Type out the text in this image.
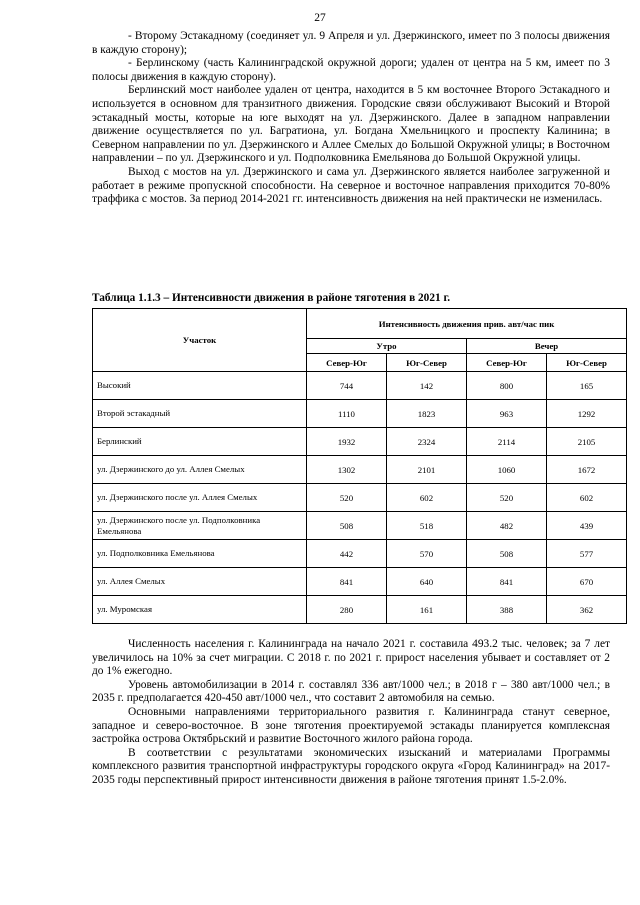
27

- Второму Эстакадному (соединяет ул. 9 Апреля и ул. Дзержинского, имеет по 3 полосы движения в каждую сторону);

- Берлинскому (часть Калининградской окружной дороги; удален от центра на 5 км, имеет по 3 полосы движения в каждую сторону).

Берлинский мост наиболее удален от центра, находится в 5 км восточнее Второго Эстакадного и используется в основном для транзитного движения. Городские связи обслуживают Высокий и Второй эстакадный мосты, которые на юге выходят на ул. Дзержинского. Далее в западном направлении движение осуществляется по ул. Багратиона, ул. Богдана Хмельницкого и проспекту Калинина; в Северном направлении по ул. Дзержинского и Аллее Смелых до Большой Окружной улицы; в Восточном направлении – по ул. Дзержинского и ул. Подполковника Емельянова до Большой Окружной улицы.

Выход с мостов на ул. Дзержинского и сама ул. Дзержинского является наиболее загруженной и работает в режиме пропускной способности. На северное и восточное направления приходится 70-80% траффика с мостов. За период 2014-2021 гг. интенсивность движения на ней практически не изменилась.

Таблица 1.1.3 – Интенсивности движения в районе тяготения в 2021 г.
Участок	Интенсивность движения прив. авт/час пик			
	Утро		Вечер	
	Север-Юг	Юг-Север	Север-Юг	Юг-Север
Высокий	744	142	800	165
Второй эстакадный	1110	1823	963	1292
Берлинский	1932	2324	2114	2105
ул. Дзержинского до ул. Аллея Смелых	1302	2101	1060	1672
ул. Дзержинского после ул. Аллея Смелых	520	602	520	602
ул. Дзержинского после ул. Подполковника Емельянова	508	518	482	439
ул. Подполковника Емельянова	442	570	508	577
ул. Аллея Смелых	841	640	841	670
ул. Муромская	280	161	388	362

Численность населения г. Калининграда на начало 2021 г. составила 493.2 тыс. человек; за 7 лет увеличилось на 10% за счет миграции. С 2018 г. по 2021 г. прирост населения убывает и составляет от 2 до 1% ежегодно.

Уровень автомобилизации в 2014 г. составлял 336 авт/1000 чел.; в 2018 г – 380 авт/1000 чел.; в 2035 г. предполагается 420-450 авт/1000 чел., что составит 2 автомобиля на семью.

Основными направлениями территориального развития г. Калининграда станут северное, западное и северо-восточное. В зоне тяготения проектируемой эстакады планируется комплексная застройка острова Октябрьский и развитие Восточного жилого района города.

В соответствии с результатами экономических изысканий и материалами Программы комплексного развития транспортной инфраструктуры городского округа «Город Калининград» на 2017- 2035 годы перспективный прирост интенсивности движения в районе тяготения принят 1.5-2.0%.
